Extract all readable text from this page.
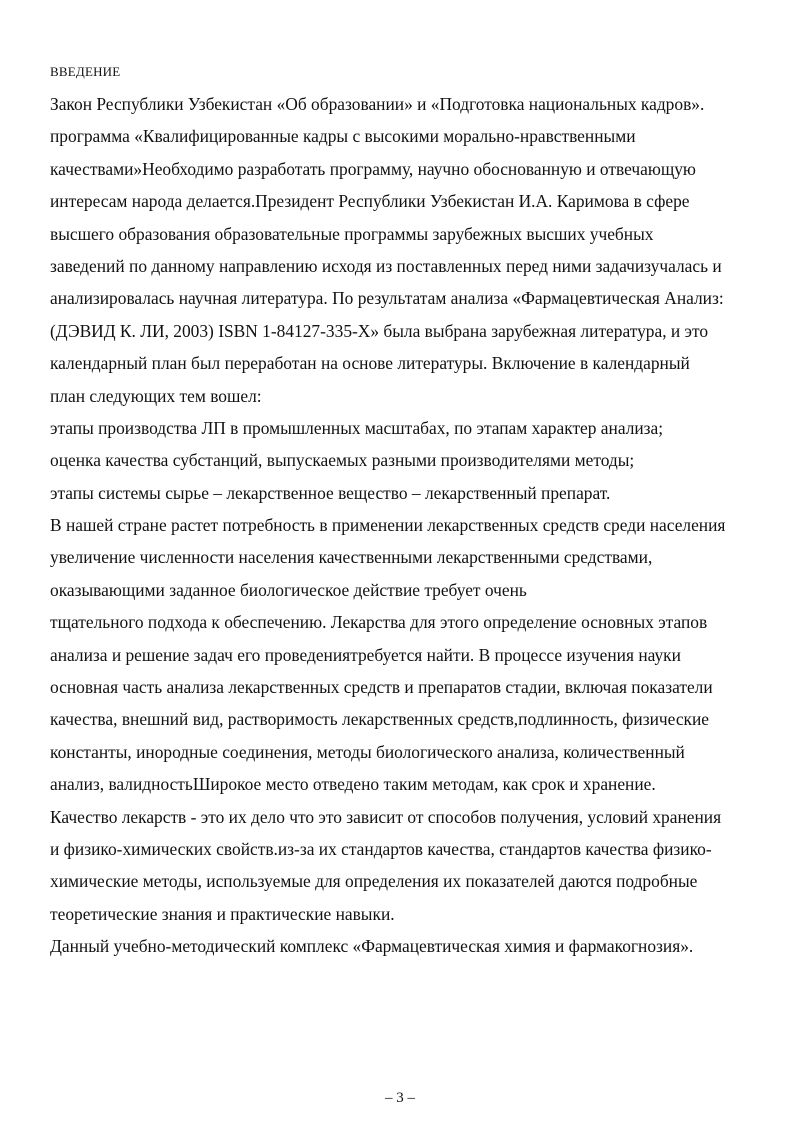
ВВЕДЕНИЕ
Закон Республики Узбекистан «Об образовании» и «Подготовка национальных кадров».
программа «Квалифицированные кадры с высокими морально-нравственными
качествами»Необходимо разработать программу, научно обоснованную и отвечающую
интересам народа делается.Президент Республики Узбекистан И.А. Каримова в сфере
высшего образования образовательные программы зарубежных высших учебных
заведений по данному направлению исходя из поставленных перед ними задачизучалась и
анализировалась научная литература. По результатам анализа «Фармацевтическая Анализ:
(ДЭВИД К. ЛИ, 2003) ISBN 1-84127-335-X» была выбрана зарубежная литература, и это
календарный план был переработан на основе литературы. Включение в календарный
план следующих тем вошел:
этапы производства ЛП в промышленных масштабах, по этапам характер анализа;
оценка качества субстанций, выпускаемых разными производителями методы;
этапы системы сырье – лекарственное вещество – лекарственный препарат.
В нашей стране растет потребность в применении лекарственных средств среди населения
увеличение численности населения качественными лекарственными средствами,
оказывающими заданное биологическое действие требует очень
тщательного подхода к обеспечению. Лекарства для этого определение основных этапов
анализа и решение задач его проведениятребуется найти. В процессе изучения науки
основная часть анализа лекарственных средств и препаратов стадии, включая показатели
качества, внешний вид, растворимость лекарственных средств,подлинность, физические
константы, инородные соединения, методы биологического анализа, количественный
анализ, валидностьШирокое место отведено таким методам, как срок и хранение.
Качество лекарств - это их дело что это зависит от способов получения, условий хранения
и физико-химических свойств.из-за их стандартов качества, стандартов качества физико-
химические методы, используемые для определения их показателей даются подробные
теоретические знания и практические навыки.
Данный учебно-методический комплекс «Фармацевтическая химия и фармакогнозия».
– 3 –
